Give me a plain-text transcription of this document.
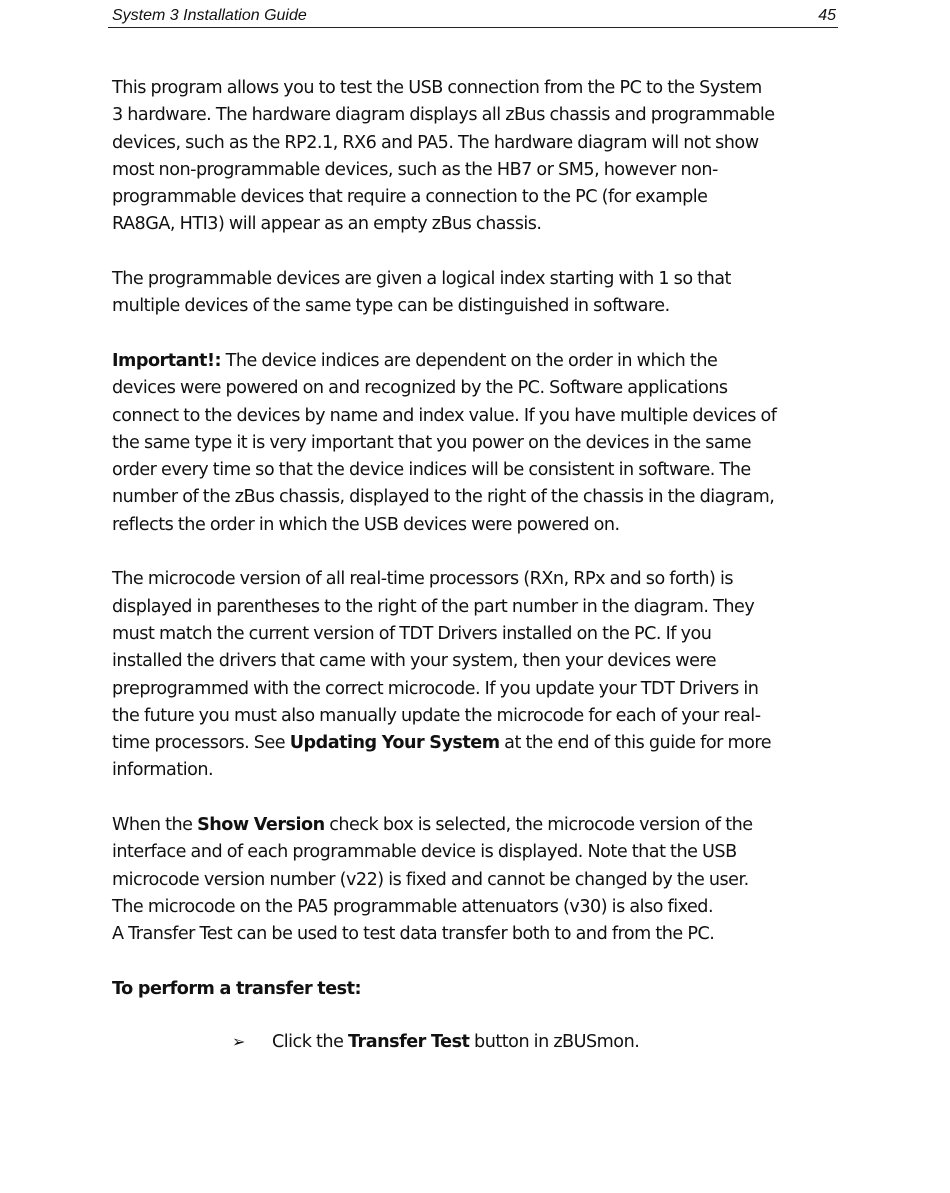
System 3 Installation Guide	45

This program allows you to test the USB connection from the PC to the System
3 hardware. The hardware diagram displays all zBus chassis and programmable
devices, such as the RP2.1, RX6 and PA5. The hardware diagram will not show
most non-programmable devices, such as the HB7 or SM5, however non-
programmable devices that require a connection to the PC (for example
RA8GA, HTI3) will appear as an empty zBus chassis.

The programmable devices are given a logical index starting with 1 so that
multiple devices of the same type can be distinguished in software.

Important!: The device indices are dependent on the order in which the
devices were powered on and recognized by the PC. Software applications
connect to the devices by name and index value. If you have multiple devices of
the same type it is very important that you power on the devices in the same
order every time so that the device indices will be consistent in software. The
number of the zBus chassis, displayed to the right of the chassis in the diagram,
reflects the order in which the USB devices were powered on.

The microcode version of all real-time processors (RXn, RPx and so forth) is
displayed in parentheses to the right of the part number in the diagram. They
must match the current version of TDT Drivers installed on the PC. If you
installed the drivers that came with your system, then your devices were
preprogrammed with the correct microcode. If you update your TDT Drivers in
the future you must also manually update the microcode for each of your real-
time processors. See Updating Your System at the end of this guide for more
information.

When the Show Version check box is selected, the microcode version of the
interface and of each programmable device is displayed. Note that the USB
microcode version number (v22) is fixed and cannot be changed by the user.
The microcode on the PA5 programmable attenuators (v30) is also fixed.
A Transfer Test can be used to test data transfer both to and from the PC.

To perform a transfer test:

➢ Click the Transfer Test button in zBUSmon.
